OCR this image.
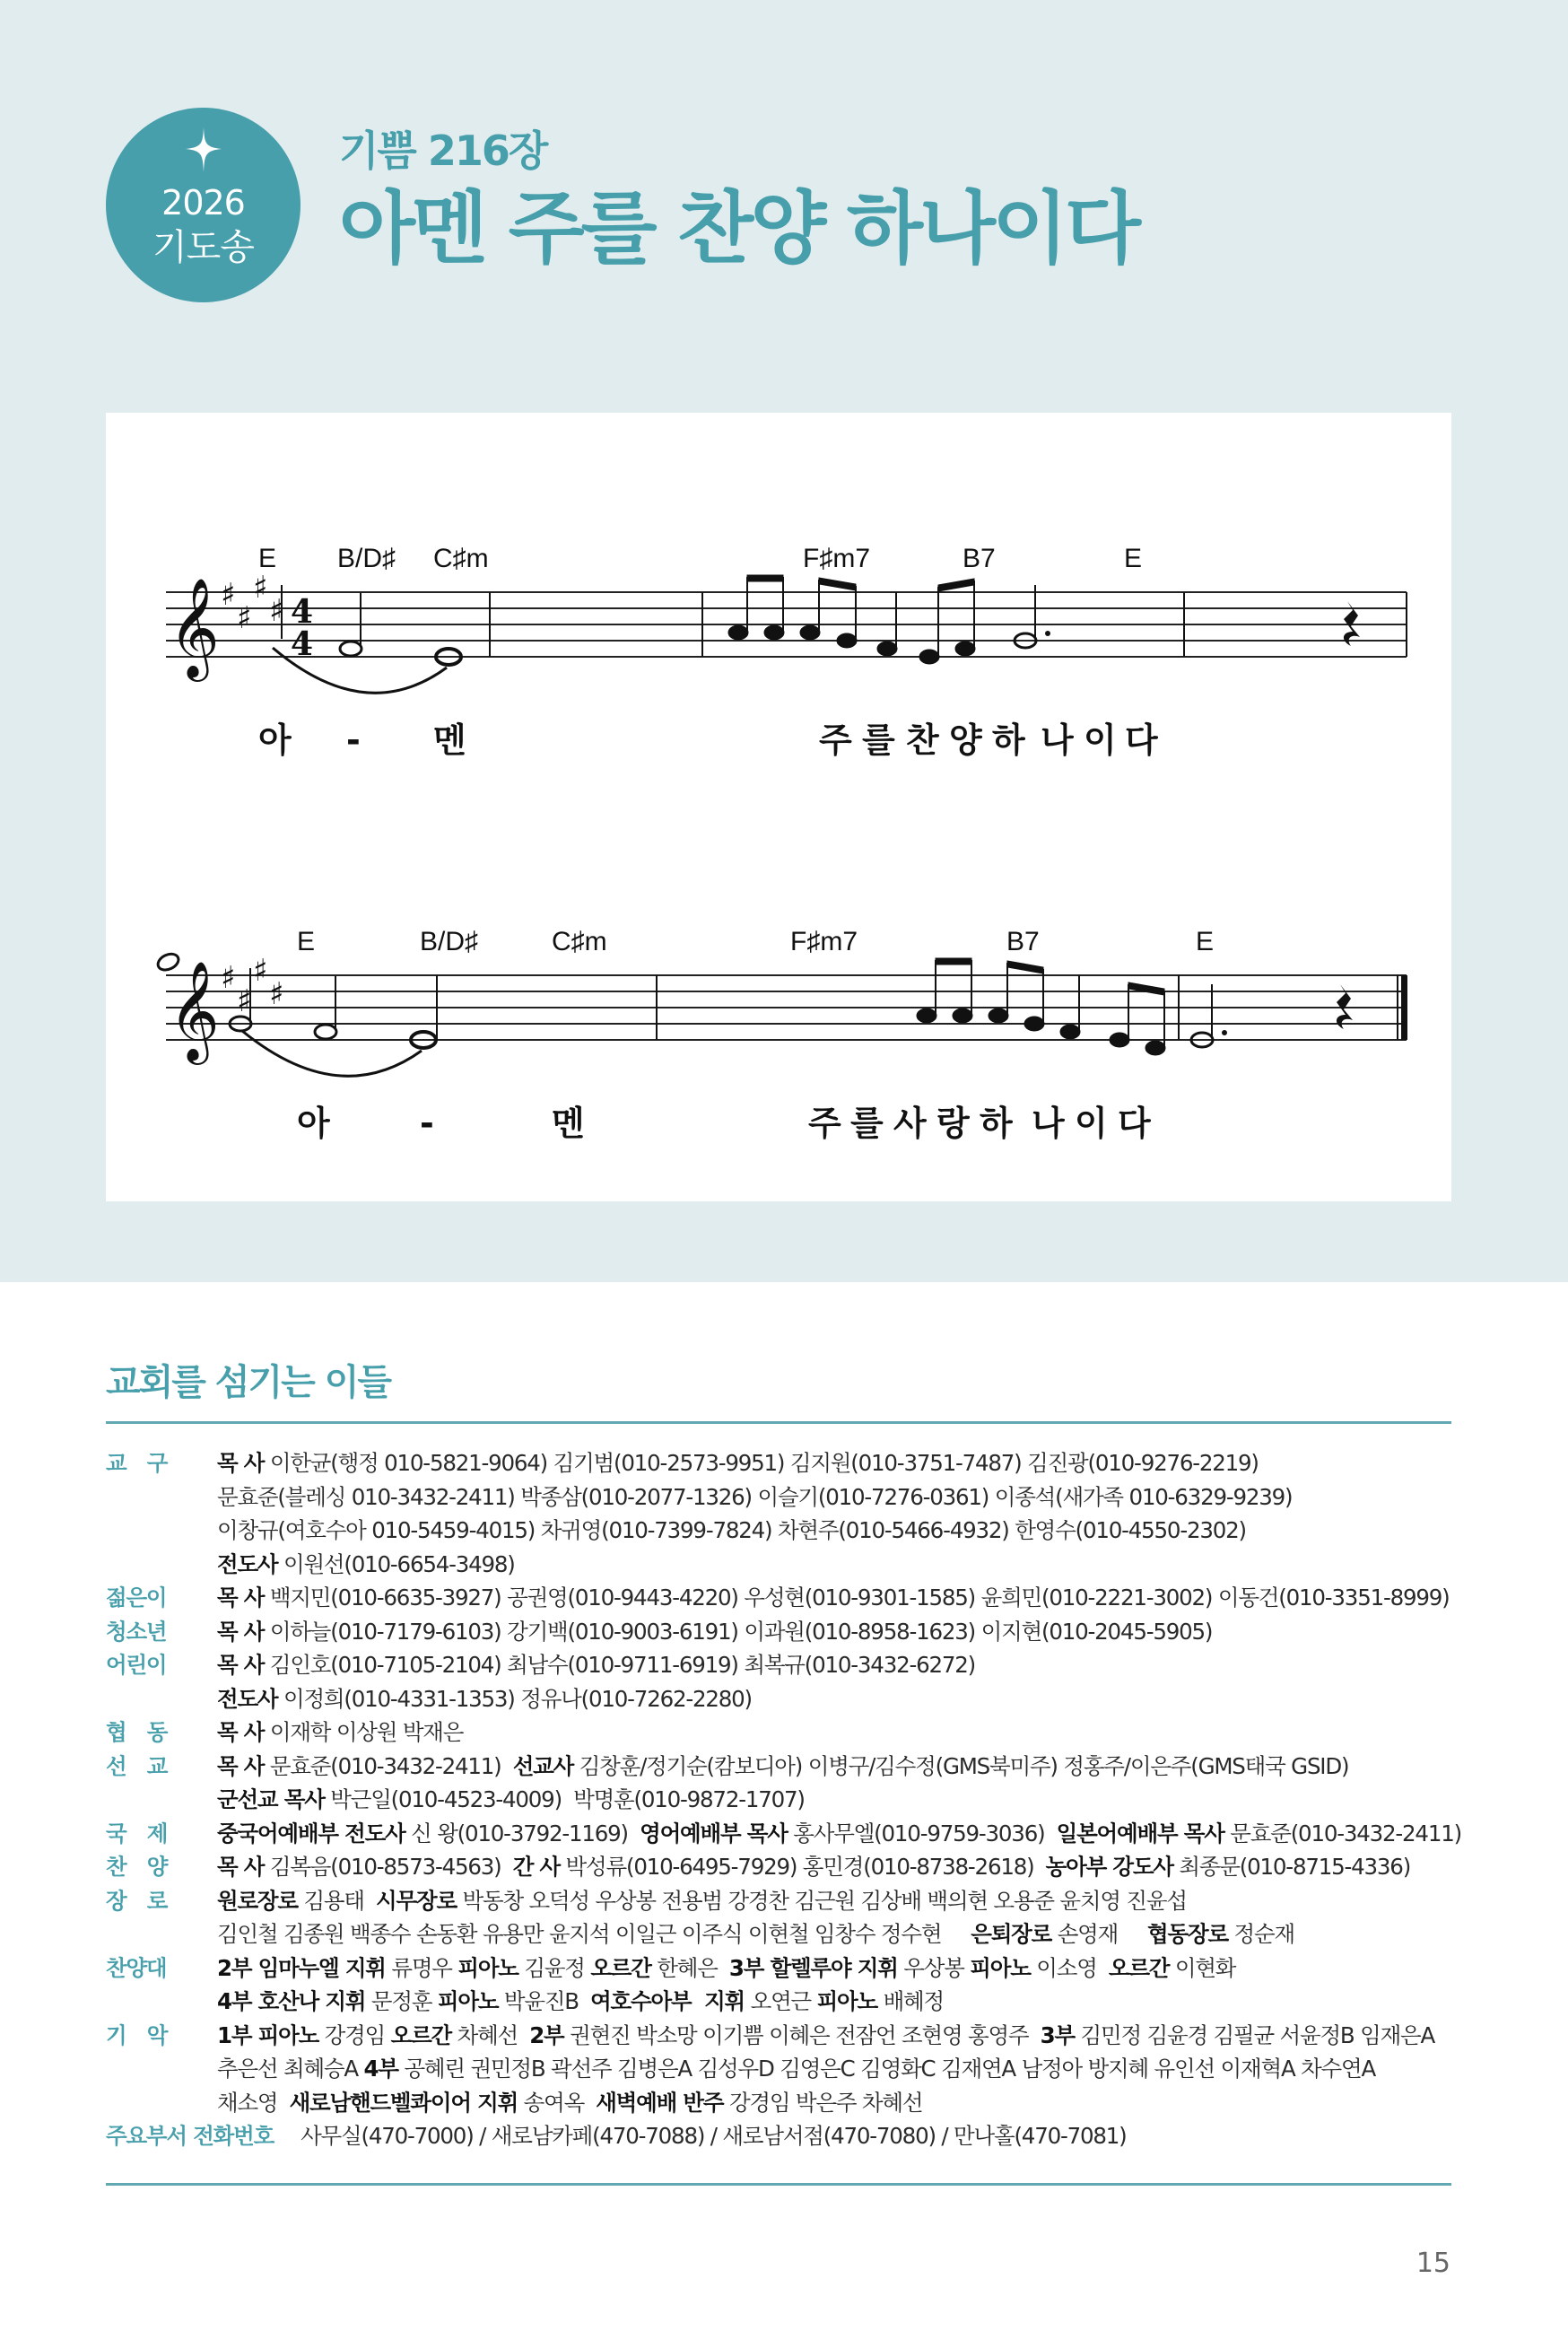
2026
기도송
기쁨 216장
아멘 주를 찬양 하나이다
𝄞 ♯
♯
♯
♯ 4
4
E B/D♯ C♯m	F♯m7	B7	E
아 - 멘	주 를 찬 양 하 나 이 다
𝄞 ♯
♯
♯
♯
E	B/D♯	C♯m	F♯m7	B7	E
아	-	멘	주 를 사 랑 하 나 이 다
교회를 섬기는 이들
교　구	목 사 이한균(행정 010-5821-9064) 김기범(010-2573-9951) 김지원(010-3751-7487) 김진광(010-9276-2219)
문효준(블레싱 010-3432-2411) 박종삼(010-2077-1326) 이슬기(010-7276-0361) 이종석(새가족 010-6329-9239)
이창규(여호수아 010-5459-4015) 차귀영(010-7399-7824) 차현주(010-5466-4932) 한영수(010-4550-2302)
전도사 이원선(010-6654-3498)
젊은이	목 사 백지민(010-6635-3927) 공권영(010-9443-4220) 우성현(010-9301-1585) 윤희민(010-2221-3002) 이동건(010-3351-8999)
청소년	목 사 이하늘(010-7179-6103) 강기백(010-9003-6191) 이과원(010-8958-1623) 이지현(010-2045-5905)
어린이	목 사 김인호(010-7105-2104) 최남수(010-9711-6919) 최복규(010-3432-6272)
전도사 이정희(010-4331-1353) 정유나(010-7262-2280)
협　동	목 사 이재학 이상원 박재은
선　교	목 사 문효준(010-3432-2411)  선교사 김창훈/정기순(캄보디아) 이병구/김수정(GMS북미주) 정홍주/이은주(GMS태국 GSID)
군선교 목사 박근일(010-4523-4009)  박명훈(010-9872-1707)
국　제	중국어예배부 전도사 신 왕(010-3792-1169)  영어예배부 목사 홍사무엘(010-9759-3036)  일본어예배부 목사 문효준(010-3432-2411)
찬　양	목 사 김복음(010-8573-4563)  간 사 박성류(010-6495-7929) 홍민경(010-8738-2618)  농아부 강도사 최종문(010-8715-4336)
장　로	원로장로 김용태  시무장로 박동창 오덕성 우상봉 전용범 강경찬 김근원 김상배 백의현 오용준 윤치영 진윤섭
김인철 김종원 백종수 손동환 유용만 윤지석 이일근 이주식 이현철 임창수 정수현     은퇴장로 손영재     협동장로 정순재
찬양대	2부 임마누엘 지휘 류명우 피아노 김윤정 오르간 한혜은  3부 할렐루야 지휘 우상봉 피아노 이소영  오르간 이현화
4부 호산나 지휘 문정훈 피아노 박윤진B  여호수아부  지휘 오연근 피아노 배혜정
기　악	1부 피아노 강경임 오르간 차혜선  2부 권현진 박소망 이기쁨 이혜은 전잠언 조현영 홍영주  3부 김민정 김윤경 김필균 서윤정B 임재은A
추은선 최혜승A 4부 공혜린 권민정B 곽선주 김병은A 김성우D 김영은C 김영화C 김재연A 남정아 방지혜 유인선 이재혁A 차수연A
채소영  새로남핸드벨콰이어 지휘 송여옥  새벽예배 반주 강경임 박은주 차혜선
주요부서 전화번호 사무실(470-7000) / 새로남카페(470-7088) / 새로남서점(470-7080) / 만나홀(470-7081)
15
